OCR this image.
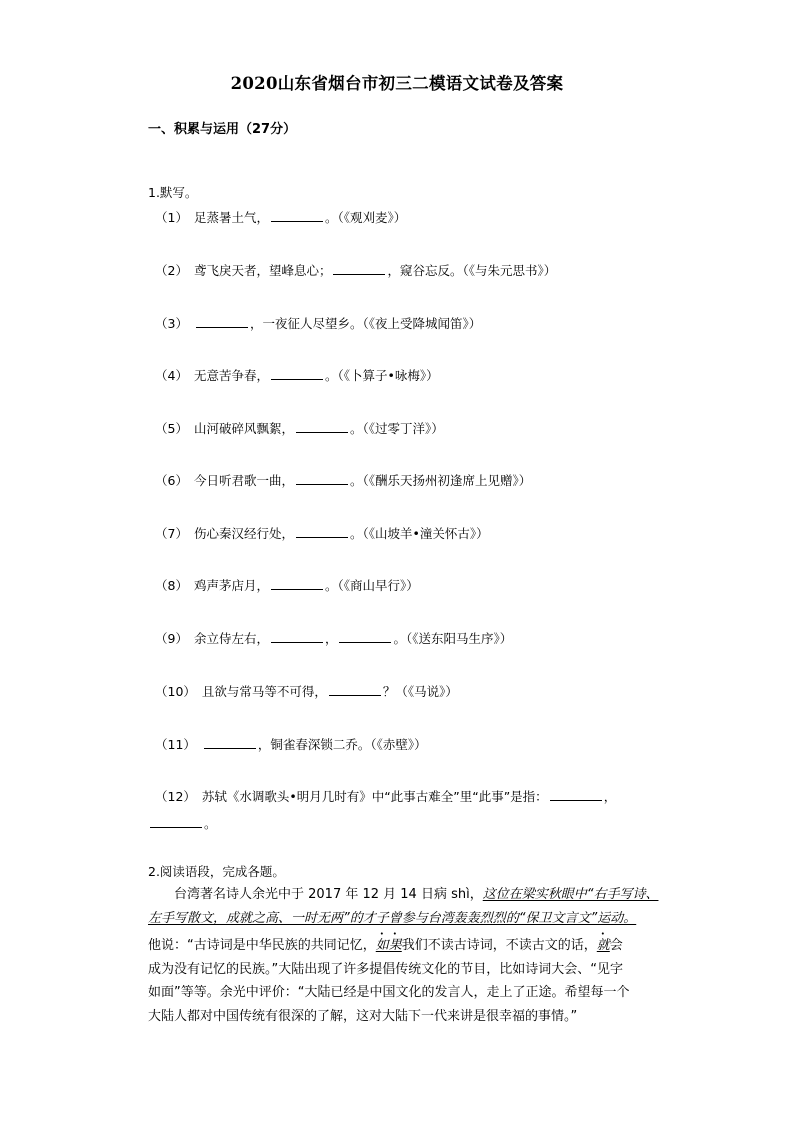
2020山东省烟台市初三二模语文试卷及答案
一、积累与运用（27分）
1.默写。
（1） 足蒸暑土气，	。（《观刈麦》）
（2） 鸢飞戾天者，望峰息心；	，窥谷忘反。（《与朱元思书》）
（3）	，一夜征人尽望乡。（《夜上受降城闻笛》）
（4） 无意苦争春，	。（《卜算子•咏梅》）
（5） 山河破碎风飘絮，	。（《过零丁洋》）
（6） 今日听君歌一曲，	。（《酬乐天扬州初逢席上见赠》）
（7） 伤心秦汉经行处，	。（《山坡羊•潼关怀古》）
（8） 鸡声茅店月，	。（《商山早行》）
（9） 余立侍左右，	，	。（《送东阳马生序》）
（10） 且欲与常马等不可得，	？（《马说》）
（11）	，铜雀春深锁二乔。（《赤壁》）
（12） 苏轼《水调歌头•明月几时有》中“此事古难全”里“此事”是指：	，
。
2.阅读语段，完成各题。
台湾著名诗人余光中于 2017 年 12 月 14 日病 shì，这位在梁实秋眼中“右手写诗、
左手写散文，成就之高、一时无两”的才子曾参与台湾轰轰烈烈的“保卫文言文”运动。
他说：“古诗词是中华民族的共同记忆，如果我们不读古诗词，不读古文的话，就会
成为没有记忆的民族。”大陆出现了许多提倡传统文化的节目，比如诗词大会、“见字
如面”等等。余光中评价：“大陆已经是中国文化的发言人，走上了正途。希望每一个
大陆人都对中国传统有很深的了解，这对大陆下一代来讲是很幸福的事情。”
